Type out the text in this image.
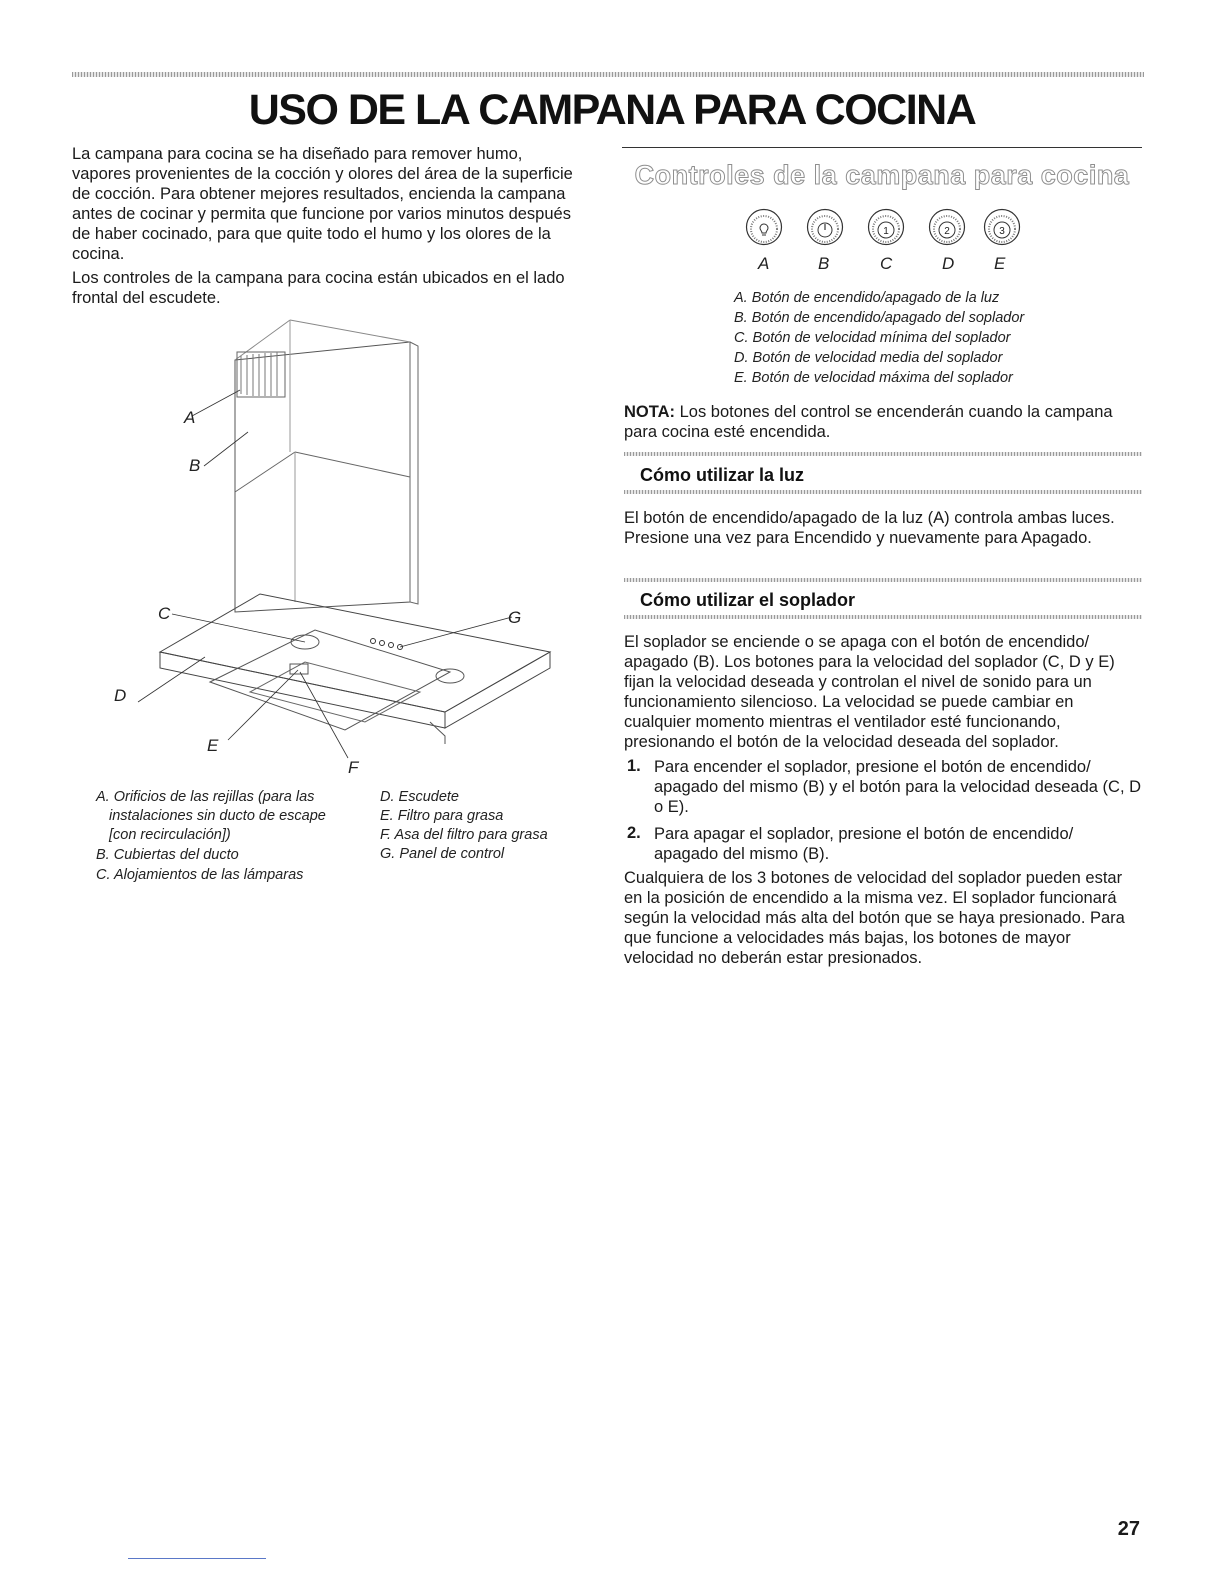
USO DE LA CAMPANA PARA COCINA

La campana para cocina se ha diseñado para remover humo, vapores provenientes de la cocción y olores del área de la superficie de cocción. Para obtener mejores resultados, encienda la campana antes de cocinar y permita que funcione por varios minutos después de haber cocinado, para que quite todo el humo y los olores de la cocina.

Los controles de la campana para cocina están ubicados en el lado frontal del escudete.

A
B
C
D
E
F
G
A. Orificios de las rejillas (para las
instalaciones sin ducto de escape
[con recirculación])
B. Cubiertas del ducto
C. Alojamientos de las lámparas
D. Escudete
E. Filtro para grasa
F. Asa del filtro para grasa
G. Panel de control
Controles de la campana para cocina
1	2	3
A	B	C	D E
A. Botón de encendido/apagado de la luz
B. Botón de encendido/apagado del soplador
C. Botón de velocidad mínima del soplador
D. Botón de velocidad media del soplador
E. Botón de velocidad máxima del soplador

NOTA: Los botones del control se encenderán cuando la campana para cocina esté encendida.

Cómo utilizar la luz

El botón de encendido/apagado de la luz (A) controla ambas luces. Presione una vez para Encendido y nuevamente para Apagado.

Cómo utilizar el soplador

El soplador se enciende o se apaga con el botón de encendido/ apagado (B). Los botones para la velocidad del soplador (C, D y E) fijan la velocidad deseada y controlan el nivel de sonido para un funcionamiento silencioso. La velocidad se puede cambiar en cualquier momento mientras el ventilador esté funcionando, presionando el botón de la velocidad deseada del soplador.

1. Para encender el soplador, presione el botón de encendido/ apagado del mismo (B) y el botón para la velocidad deseada (C, D o E).

2. Para apagar el soplador, presione el botón de encendido/ apagado del mismo (B).

Cualquiera de los 3 botones de velocidad del soplador pueden estar en la posición de encendido a la misma vez. El soplador funcionará según la velocidad más alta del botón que se haya presionado. Para que funcione a velocidades más bajas, los botones de mayor velocidad no deberán estar presionados.

27
